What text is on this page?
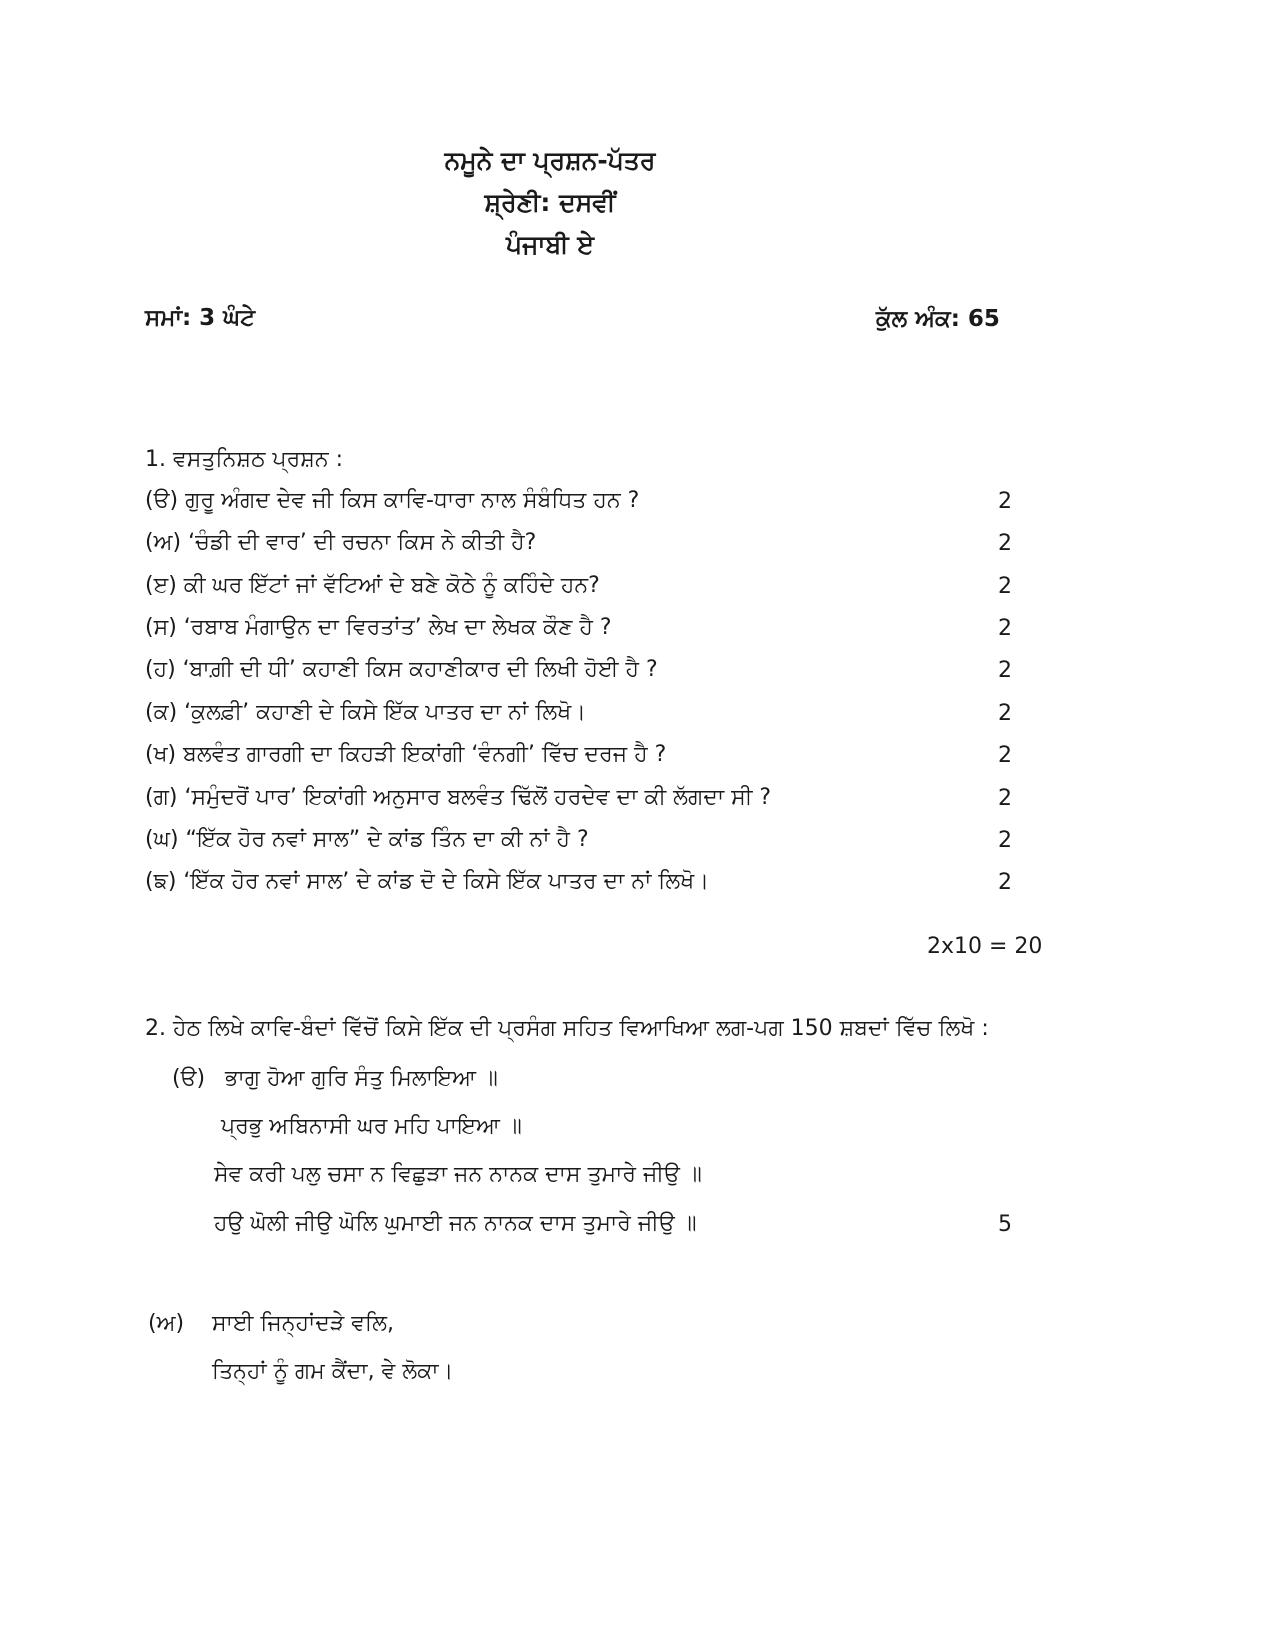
ਨਮੂਨੇ ਦਾ ਪ੍ਰਸ਼ਨ-ਪੱਤਰ
ਸ਼੍ਰੇਣੀ: ਦਸਵੀਂ
ਪੰਜਾਬੀ ਏ
ਸਮਾਂ: 3 ਘੰਟੇ	ਕੁੱਲ ਅੰਕ: 65
1. ਵਸਤੁਨਿਸ਼ਠ ਪ੍ਰਸ਼ਨ :
(ੳ) ਗੁਰੂ ਅੰਗਦ ਦੇਵ ਜੀ ਕਿਸ ਕਾਵਿ-ਧਾਰਾ ਨਾਲ ਸੰਬੰਧਿਤ ਹਨ ?	2
(ਅ) ‘ਚੰਡੀ ਦੀ ਵਾਰ’ ਦੀ ਰਚਨਾ ਕਿਸ ਨੇ ਕੀਤੀ ਹੈ?	2
(ੲ) ਕੀ ਘਰ ਇੱਟਾਂ ਜਾਂ ਵੱਟਿਆਂ ਦੇ ਬਣੇ ਕੋਠੇ ਨੂੰ ਕਹਿੰਦੇ ਹਨ?	2
(ਸ) ‘ਰਬਾਬ ਮੰਗਾਉਨ ਦਾ ਵਿਰਤਾਂਤ’ ਲੇਖ ਦਾ ਲੇਖਕ ਕੌਣ ਹੈ ?	2
(ਹ) ‘ਬਾਗ਼ੀ ਦੀ ਧੀ’ ਕਹਾਣੀ ਕਿਸ ਕਹਾਣੀਕਾਰ ਦੀ ਲਿਖੀ ਹੋਈ ਹੈ ?	2
(ਕ) ‘ਕੁਲਫ਼ੀ’ ਕਹਾਣੀ ਦੇ ਕਿਸੇ ਇੱਕ ਪਾਤਰ ਦਾ ਨਾਂ ਲਿਖੋ।	2
(ਖ) ਬਲਵੰਤ ਗਾਰਗੀ ਦਾ ਕਿਹੜੀ ਇਕਾਂਗੀ ‘ਵੰਨਗੀ’ ਵਿੱਚ ਦਰਜ ਹੈ ?	2
(ਗ) ‘ਸਮੁੰਦਰੋਂ ਪਾਰ’ ਇਕਾਂਗੀ ਅਨੁਸਾਰ ਬਲਵੰਤ ਢਿੱਲੋਂ ਹਰਦੇਵ ਦਾ ਕੀ ਲੱਗਦਾ ਸੀ ?	2
(ਘ) “ਇੱਕ ਹੋਰ ਨਵਾਂ ਸਾਲ” ਦੇ ਕਾਂਡ ਤਿੰਨ ਦਾ ਕੀ ਨਾਂ ਹੈ ?	2
(ਙ) ‘ਇੱਕ ਹੋਰ ਨਵਾਂ ਸਾਲ’ ਦੇ ਕਾਂਡ ਦੋ ਦੇ ਕਿਸੇ ਇੱਕ ਪਾਤਰ ਦਾ ਨਾਂ ਲਿਖੋ।	2
2x10 = 20
2. ਹੇਠ ਲਿਖੇ ਕਾਵਿ-ਬੰਦਾਂ ਵਿੱਚੋਂ ਕਿਸੇ ਇੱਕ ਦੀ ਪ੍ਰਸੰਗ ਸਹਿਤ ਵਿਆਖਿਆ ਲਗ-ਪਗ 150 ਸ਼ਬਦਾਂ ਵਿੱਚ ਲਿਖੋ :
(ੳ) ਭਾਗੁ ਹੋਆ ਗੁਰਿ ਸੰਤੁ ਮਿਲਾਇਆ ॥
ਪ੍ਰਭੁ ਅਬਿਨਾਸੀ ਘਰ ਮਹਿ ਪਾਇਆ ॥
ਸੇਵ ਕਰੀ ਪਲੁ ਚਸਾ ਨ ਵਿਛੁੜਾ ਜਨ ਨਾਨਕ ਦਾਸ ਤੁਮਾਰੇ ਜੀਉ ॥
ਹਉ ਘੋਲੀ ਜੀਉ ਘੋਲਿ ਘੁਮਾਈ ਜਨ ਨਾਨਕ ਦਾਸ ਤੁਮਾਰੇ ਜੀਉ ॥	5
(ਅ) ਸਾਈ ਜਿਨ੍ਹਾਂਦੜੇ ਵਲਿ,
ਤਿਨ੍ਹਾਂ ਨੂੰ ਗਮ ਕੈਂਦਾ, ਵੇ ਲੋਕਾ।
